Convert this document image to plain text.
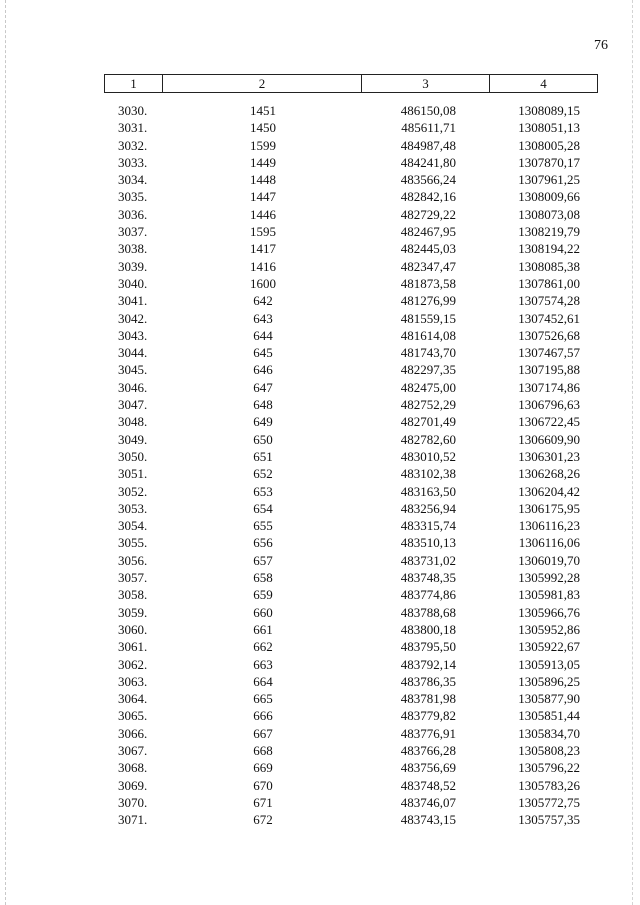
76
1	2	3	4
3030.	1451	486150,08	1308089,15
3031.	1450	485611,71	1308051,13
3032.	1599	484987,48	1308005,28
3033.	1449	484241,80	1307870,17
3034.	1448	483566,24	1307961,25
3035.	1447	482842,16	1308009,66
3036.	1446	482729,22	1308073,08
3037.	1595	482467,95	1308219,79
3038.	1417	482445,03	1308194,22
3039.	1416	482347,47	1308085,38
3040.	1600	481873,58	1307861,00
3041.	642	481276,99	1307574,28
3042.	643	481559,15	1307452,61
3043.	644	481614,08	1307526,68
3044.	645	481743,70	1307467,57
3045.	646	482297,35	1307195,88
3046.	647	482475,00	1307174,86
3047.	648	482752,29	1306796,63
3048.	649	482701,49	1306722,45
3049.	650	482782,60	1306609,90
3050.	651	483010,52	1306301,23
3051.	652	483102,38	1306268,26
3052.	653	483163,50	1306204,42
3053.	654	483256,94	1306175,95
3054.	655	483315,74	1306116,23
3055.	656	483510,13	1306116,06
3056.	657	483731,02	1306019,70
3057.	658	483748,35	1305992,28
3058.	659	483774,86	1305981,83
3059.	660	483788,68	1305966,76
3060.	661	483800,18	1305952,86
3061.	662	483795,50	1305922,67
3062.	663	483792,14	1305913,05
3063.	664	483786,35	1305896,25
3064.	665	483781,98	1305877,90
3065.	666	483779,82	1305851,44
3066.	667	483776,91	1305834,70
3067.	668	483766,28	1305808,23
3068.	669	483756,69	1305796,22
3069.	670	483748,52	1305783,26
3070.	671	483746,07	1305772,75
3071.	672	483743,15	1305757,35
